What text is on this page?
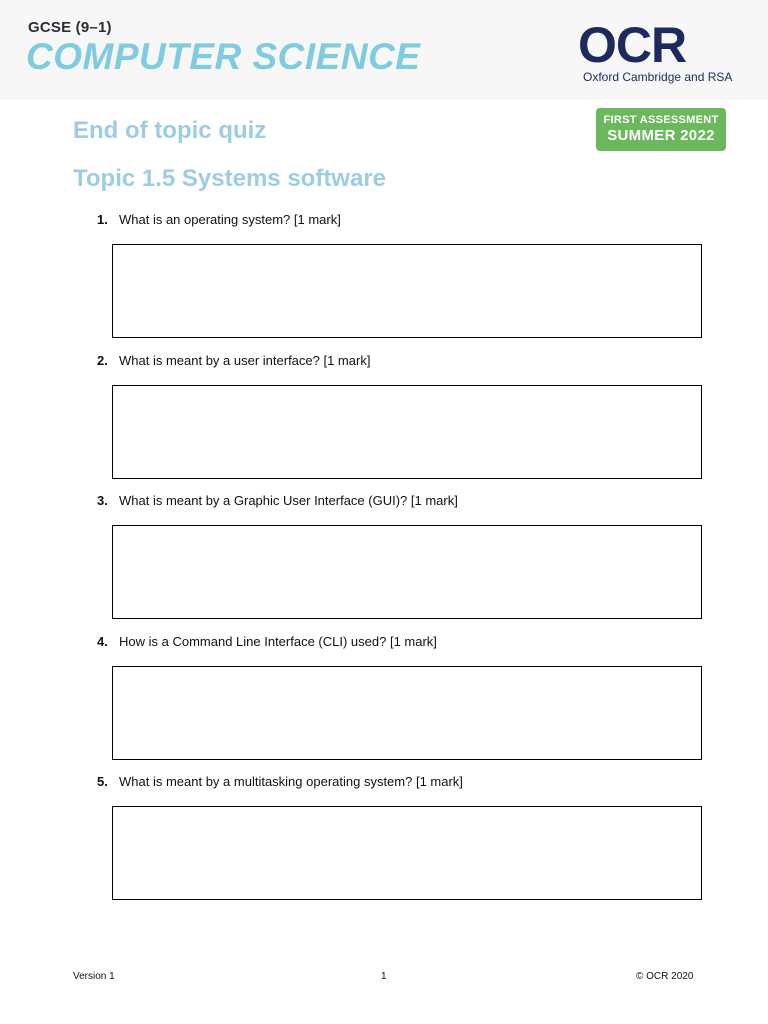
GCSE (9–1)
COMPUTER SCIENCE	OCR
Oxford Cambridge and RSA
FIRST ASSESSMENT
SUMMER 2022
End of topic quiz
Topic 1.5 Systems software
1. What is an operating system? [1 mark]
2. What is meant by a user interface? [1 mark]
3. What is meant by a Graphic User Interface (GUI)? [1 mark]
4. How is a Command Line Interface (CLI) used? [1 mark]
5. What is meant by a multitasking operating system? [1 mark]
Version 1	1	© OCR 2020
